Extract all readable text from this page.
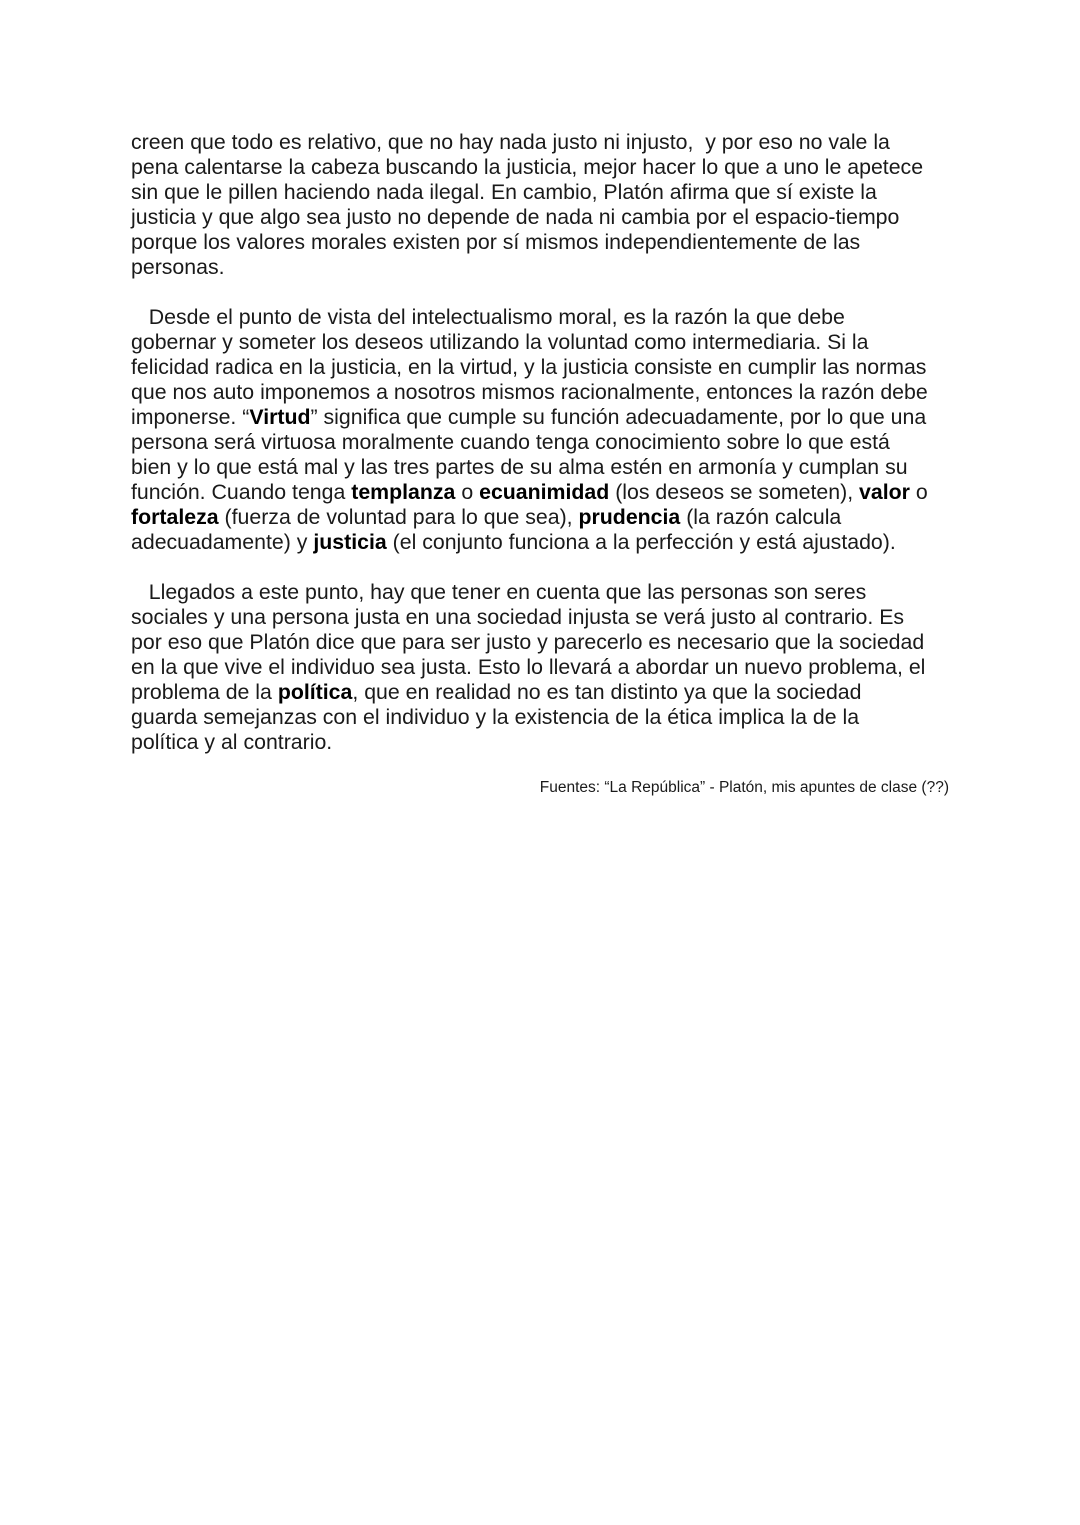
creen que todo es relativo, que no hay nada justo ni injusto,  y por eso no vale la
pena calentarse la cabeza buscando la justicia, mejor hacer lo que a uno le apetece
sin que le pillen haciendo nada ilegal. En cambio, Platón afirma que sí existe la
justicia y que algo sea justo no depende de nada ni cambia por el espacio-tiempo
porque los valores morales existen por sí mismos independientemente de las
personas.

Desde el punto de vista del intelectualismo moral, es la razón la que debe
gobernar y someter los deseos utilizando la voluntad como intermediaria. Si la
felicidad radica en la justicia, en la virtud, y la justicia consiste en cumplir las normas
que nos auto imponemos a nosotros mismos racionalmente, entonces la razón debe
imponerse. “Virtud” significa que cumple su función adecuadamente, por lo que una
persona será virtuosa moralmente cuando tenga conocimiento sobre lo que está
bien y lo que está mal y las tres partes de su alma estén en armonía y cumplan su
función. Cuando tenga templanza o ecuanimidad (los deseos se someten), valor o
fortaleza (fuerza de voluntad para lo que sea), prudencia (la razón calcula
adecuadamente) y justicia (el conjunto funciona a la perfección y está ajustado).

Llegados a este punto, hay que tener en cuenta que las personas son seres
sociales y una persona justa en una sociedad injusta se verá justo al contrario. Es
por eso que Platón dice que para ser justo y parecerlo es necesario que la sociedad
en la que vive el individuo sea justa. Esto lo llevará a abordar un nuevo problema, el
problema de la política, que en realidad no es tan distinto ya que la sociedad
guarda semejanzas con el individuo y la existencia de la ética implica la de la
política y al contrario.

Fuentes: “La República” - Platón, mis apuntes de clase (??)
